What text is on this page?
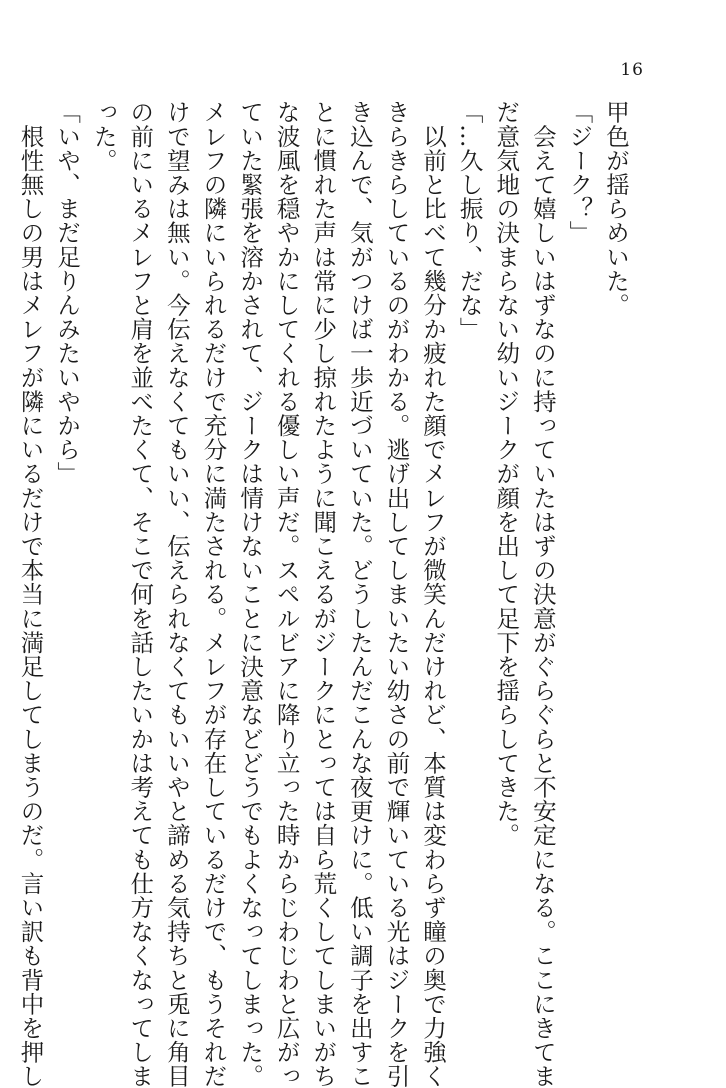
16

甲色が揺らめいた。

「ジーク？」

　会えて嬉しいはずなのに持っていたはずの決意がぐらぐらと不安定になる。ここにきてま

だ意気地の決まらない幼いジークが顔を出して足下を揺らしてきた。

「…久し振り、だな」

　以前と比べて幾分か疲れた顔でメレフが微笑んだけれど、本質は変わらず瞳の奥で力強く

きらきらしているのがわかる。逃げ出してしまいたい幼さの前で輝いている光はジークを引

き込んで、気がつけば一歩近づいていた。どうしたんだこんな夜更けに。低い調子を出すこ

とに慣れた声は常に少し掠れたように聞こえるがジークにとっては自ら荒くしてしまいがち

な波風を穏やかにしてくれる優しい声だ。スペルビアに降り立った時からじわじわと広がっ

ていた緊張を溶かされて、ジークは情けないことに決意などどうでもよくなってしまった。

メレフの隣にいられるだけで充分に満たされる。メレフが存在しているだけで、もうそれだ

けで望みは無い。今伝えなくてもいい、伝えられなくてもいいやと諦める気持ちと兎に角目

の前にいるメレフと肩を並べたくて、そこで何を話したいかは考えても仕方なくなってしま

った。

「いや、まだ足りんみたいやから」

　根性無しの男はメレフが隣にいるだけで本当に満足してしまうのだ。言い訳も背中を押し
